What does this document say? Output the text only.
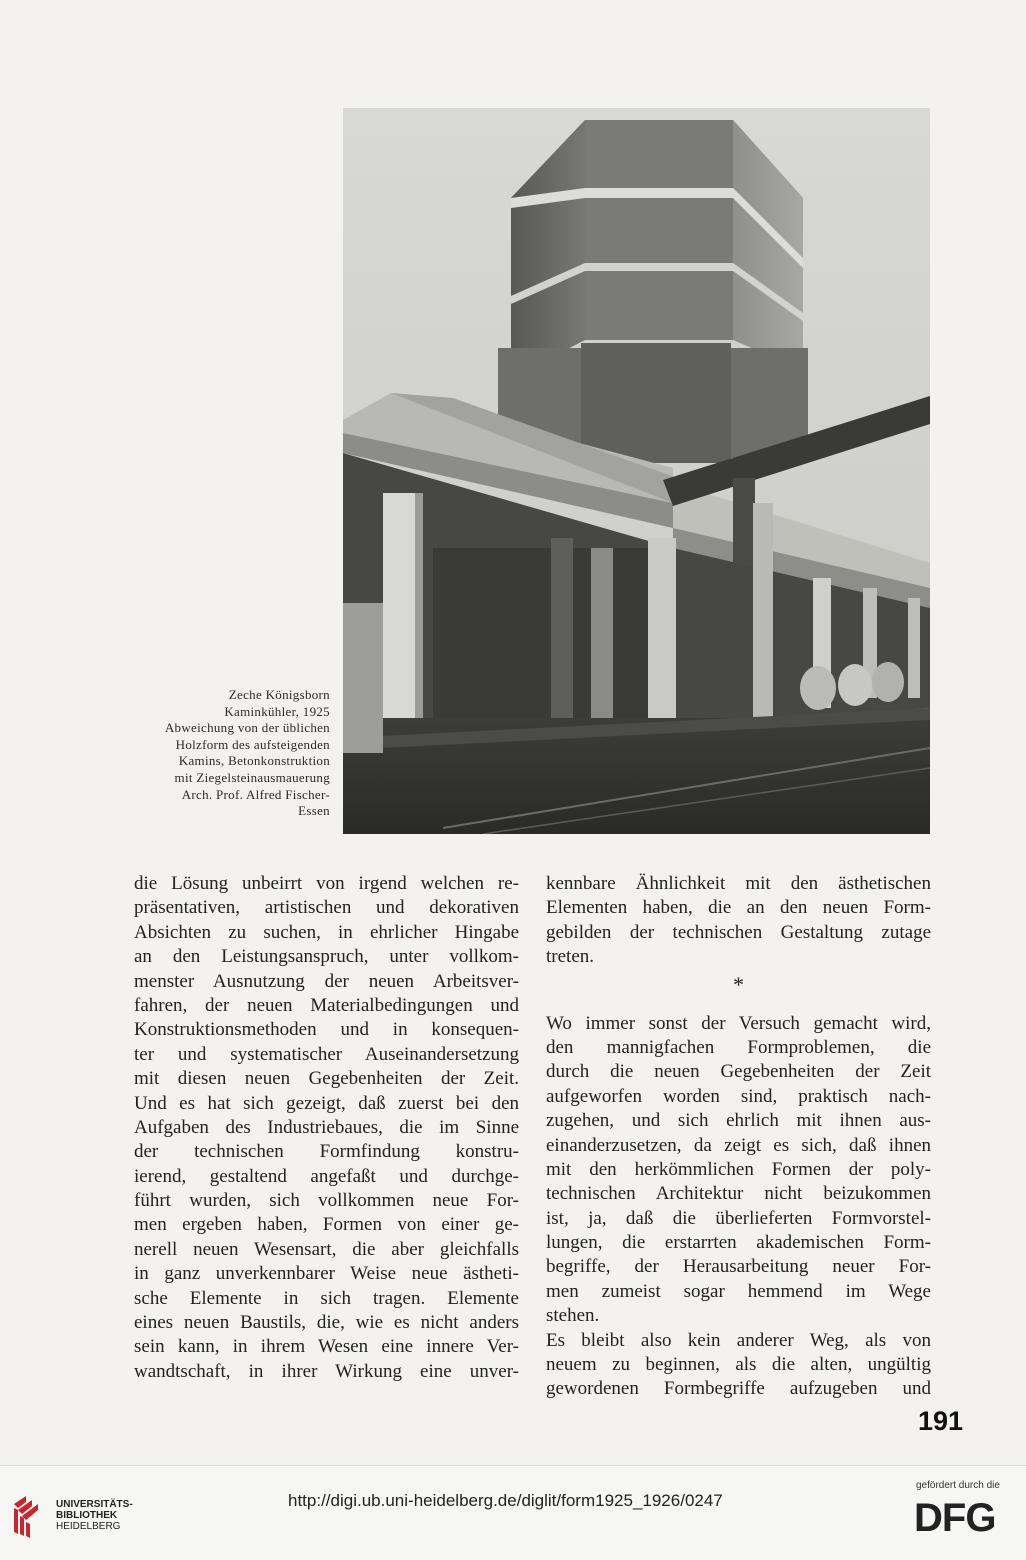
Zeche Königsborn
Kaminkühler, 1925
Abweichung von der üblichen
Holzform des aufsteigenden
Kamins, Betonkonstruktion
mit Ziegelsteinausmauerung
Arch. Prof. Alfred Fischer-
Essen
die Lösung unbeirrt von irgend welchen re-
präsentativen, artistischen und dekorativen
Absichten zu suchen, in ehrlicher Hingabe
an den Leistungsanspruch, unter vollkom-
menster Ausnutzung der neuen Arbeitsver-
fahren, der neuen Materialbedingungen und
Konstruktionsmethoden und in konsequen-
ter und systematischer Auseinandersetzung
mit diesen neuen Gegebenheiten der Zeit.
Und es hat sich gezeigt, daß zuerst bei den
Aufgaben des Industriebaues, die im Sinne
der technischen Formfindung konstru-
ierend, gestaltend angefaßt und durchge-
führt wurden, sich vollkommen neue For-
men ergeben haben, Formen von einer ge-
nerell neuen Wesensart, die aber gleichfalls
in ganz unverkennbarer Weise neue ästheti-
sche Elemente in sich tragen. Elemente
eines neuen Baustils, die, wie es nicht anders
sein kann, in ihrem Wesen eine innere Ver-
wandtschaft, in ihrer Wirkung eine unver-
kennbare Ähnlichkeit mit den ästhetischen
Elementen haben, die an den neuen Form-
gebilden der technischen Gestaltung zutage
treten.
*
Wo immer sonst der Versuch gemacht wird,
den mannigfachen Formproblemen, die
durch die neuen Gegebenheiten der Zeit
aufgeworfen worden sind, praktisch nach-
zugehen, und sich ehrlich mit ihnen aus-
einanderzusetzen, da zeigt es sich, daß ihnen
mit den herkömmlichen Formen der poly-
technischen Architektur nicht beizukommen
ist, ja, daß die überlieferten Formvorstel-
lungen, die erstarrten akademischen Form-
begriffe, der Herausarbeitung neuer For-
men zumeist sogar hemmend im Wege
stehen.
Es bleibt also kein anderer Weg, als von
neuem zu beginnen, als die alten, ungültig
gewordenen Formbegriffe aufzugeben und
191
UNIVERSITÄTS-
BIBLIOTHEK
HEIDELBERG
http://digi.ub.uni-heidelberg.de/diglit/form1925_1926/0247
gefördert durch die
DFG
